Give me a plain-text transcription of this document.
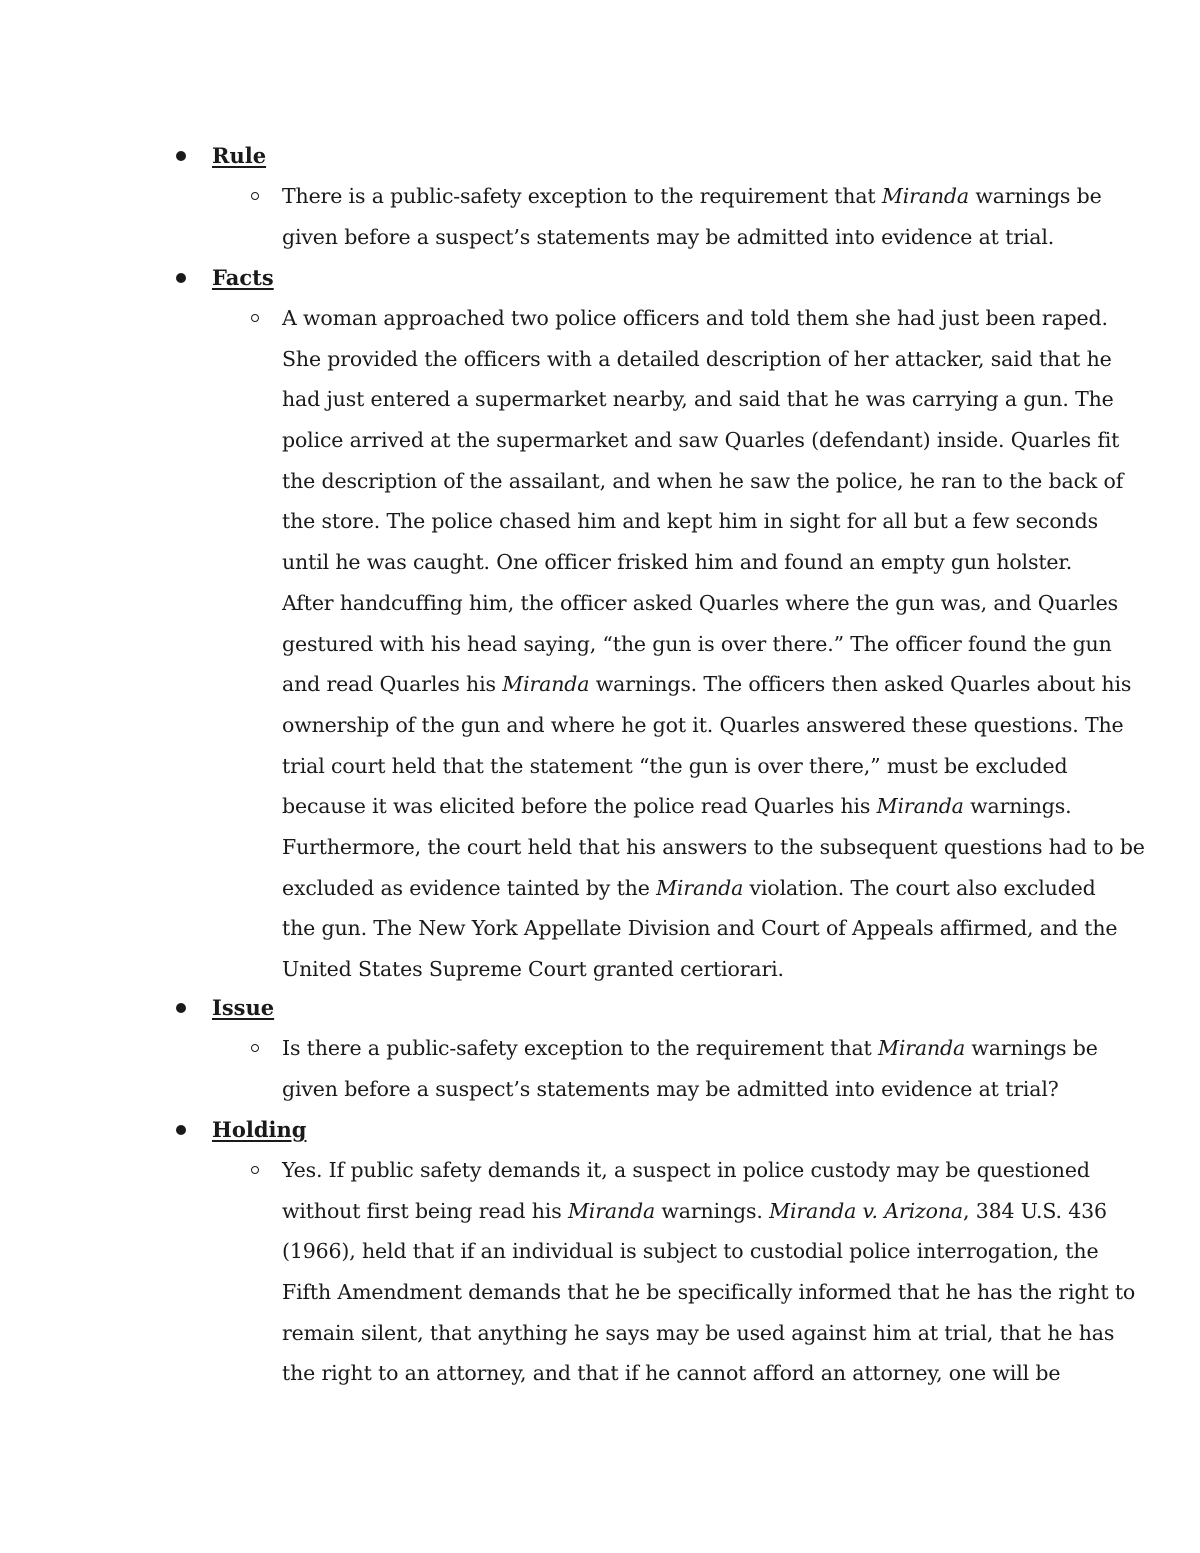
Rule
There is a public-safety exception to the requirement that Miranda warnings be
given before a suspect’s statements may be admitted into evidence at trial.
Facts
A woman approached two police officers and told them she had just been raped.
She provided the officers with a detailed description of her attacker, said that he
had just entered a supermarket nearby, and said that he was carrying a gun. The
police arrived at the supermarket and saw Quarles (defendant) inside. Quarles fit
the description of the assailant, and when he saw the police, he ran to the back of
the store. The police chased him and kept him in sight for all but a few seconds
until he was caught. One officer frisked him and found an empty gun holster.
After handcuffing him, the officer asked Quarles where the gun was, and Quarles
gestured with his head saying, “the gun is over there.” The officer found the gun
and read Quarles his Miranda warnings. The officers then asked Quarles about his
ownership of the gun and where he got it. Quarles answered these questions. The
trial court held that the statement “the gun is over there,” must be excluded
because it was elicited before the police read Quarles his Miranda warnings.
Furthermore, the court held that his answers to the subsequent questions had to be
excluded as evidence tainted by the Miranda violation. The court also excluded
the gun. The New York Appellate Division and Court of Appeals affirmed, and the
United States Supreme Court granted certiorari.
Issue
Is there a public-safety exception to the requirement that Miranda warnings be
given before a suspect’s statements may be admitted into evidence at trial?
Holding
Yes. If public safety demands it, a suspect in police custody may be questioned
without first being read his Miranda warnings. Miranda v. Arizona, 384 U.S. 436
(1966), held that if an individual is subject to custodial police interrogation, the
Fifth Amendment demands that he be specifically informed that he has the right to
remain silent, that anything he says may be used against him at trial, that he has
the right to an attorney, and that if he cannot afford an attorney, one will be
